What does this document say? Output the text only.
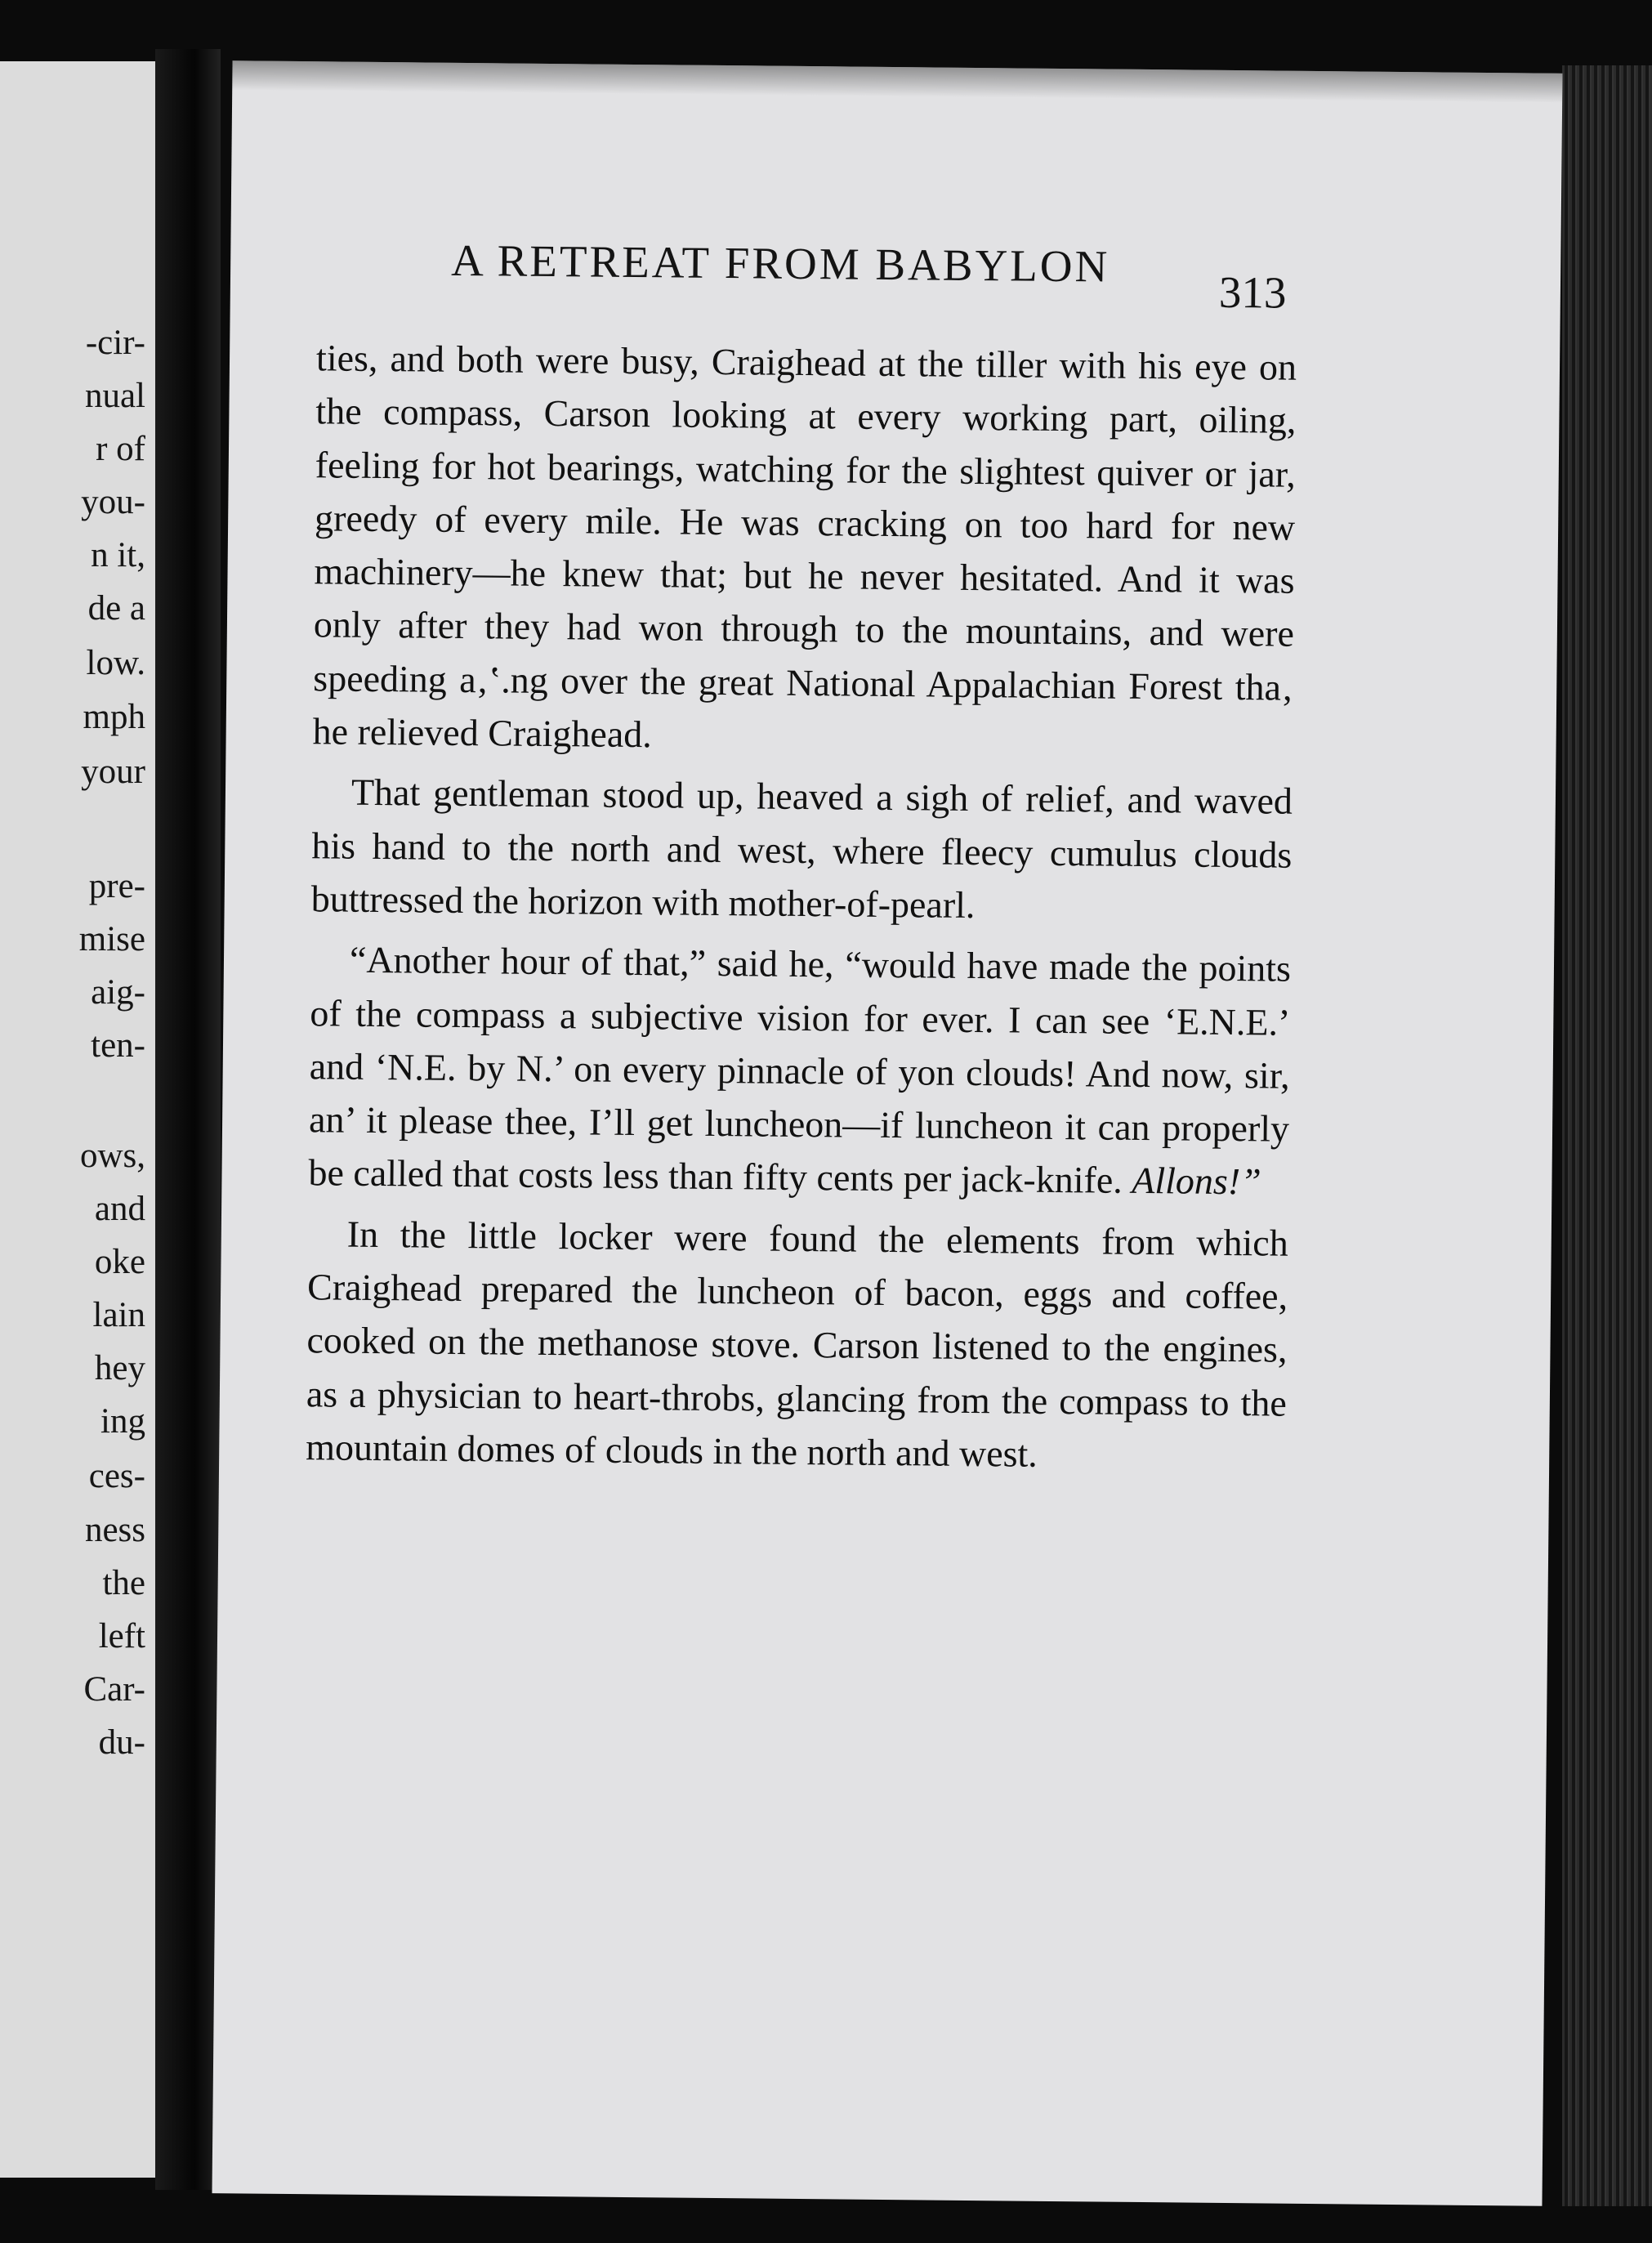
-cir-

nual

r of

you-

n it,

de a

low.

mph

your

pre-

mise

aig-

ten-

ows,

and

oke

lain

hey

ing

ces-

ness

the

left

Car-

du-

A RETREAT FROM BABYLON
313

ties, and both were busy, Craighead at the tiller with his eye on the compass, Carson looking at every working part, oiling, feeling for hot bearings, watching for the slightest quiver or jar, greedy of every mile. He was cracking on too hard for new machinery—he knew that; but he never hesitated. And it was only after they had won through to the mountains, and were speeding a‚‛.ng over the great National Appalachian Forest tha‚ he relieved Craighead.

That gentleman stood up, heaved a sigh of relief, and waved his hand to the north and west, where fleecy cumulus clouds buttressed the horizon with mother-of-pearl.

“Another hour of that,” said he, “would have made the points of the compass a subjective vision for ever. I can see ‘E.N.E.’ and ‘N.E. by N.’ on every pinnacle of yon clouds! And now, sir, an’ it please thee, I’ll get luncheon—if luncheon it can properly be called that costs less than fifty cents per jack-knife. Allons!”

In the little locker were found the elements from which Craighead prepared the luncheon of bacon, eggs and coffee, cooked on the methanose stove. Carson listened to the engines, as a physician to heart-throbs, glancing from the compass to the mountain domes of clouds in the north and west.
